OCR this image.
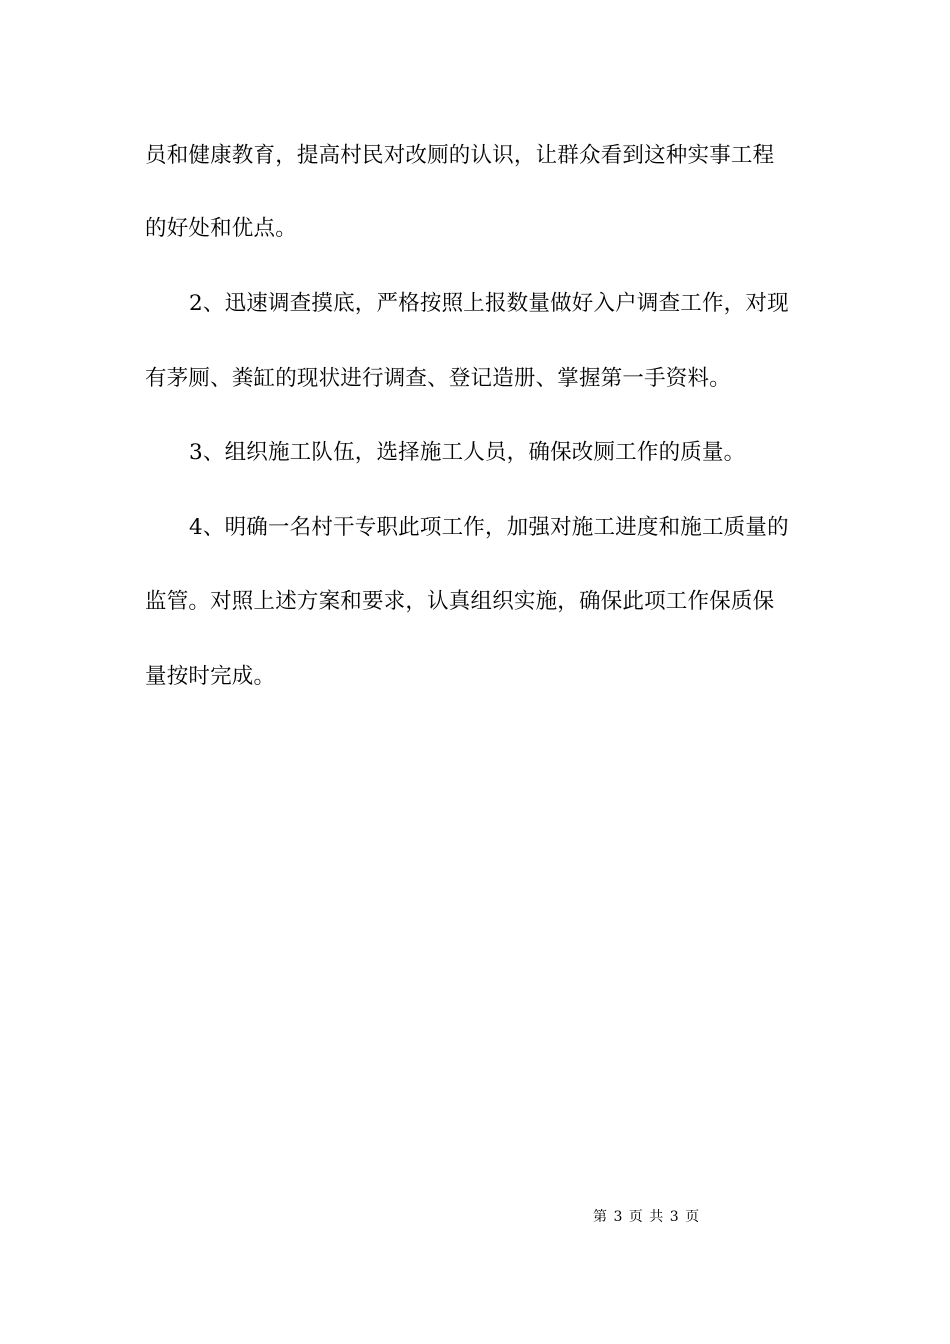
员和健康教育，提高村民对改厕的认识，让群众看到这种实事工程
的好处和优点。
2、迅速调查摸底，严格按照上报数量做好入户调查工作，对现
有茅厕、粪缸的现状进行调查、登记造册、掌握第一手资料。
3、组织施工队伍，选择施工人员，确保改厕工作的质量。
4、明确一名村干专职此项工作，加强对施工进度和施工质量的
监管。对照上述方案和要求，认真组织实施，确保此项工作保质保
量按时完成。
第 3 页 共 3 页
